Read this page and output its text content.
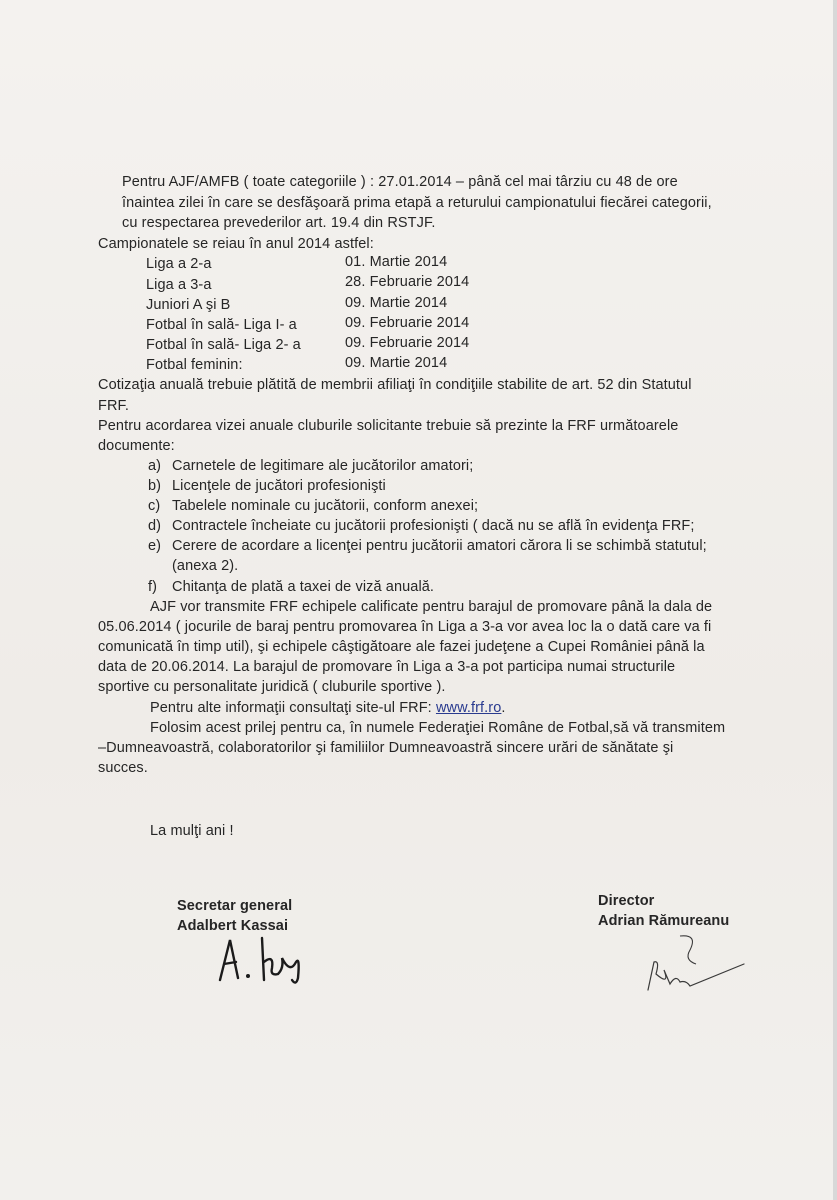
Pentru AJF/AMFB ( toate categoriile ) : 27.01.2014 – până cel mai târziu cu 48 de ore
înaintea zilei în care se desfăşoară prima etapă a returului campionatului fiecărei categorii,
cu respectarea prevederilor art. 19.4 din RSTJF.
Campionatele se reiau în anul 2014 astfel:
Liga a 2-a	01. Martie 2014
Liga a 3-a	28. Februarie 2014
Juniori A şi B	09. Martie 2014
Fotbal în sală- Liga I- a	09. Februarie 2014
Fotbal în sală- Liga 2- a	09. Februarie 2014
Fotbal feminin:	09. Martie 2014
Cotizaţia anuală trebuie plătită de membrii afiliaţi în condiţiile stabilite de art. 52 din Statutul
FRF.
Pentru acordarea vizei anuale cluburile solicitante trebuie să prezinte la FRF următoarele
documente:
a) Carnetele de legitimare ale jucătorilor amatori;
b) Licenţele de jucători profesionişti
c) Tabelele nominale cu jucătorii, conform anexei;
d) Contractele încheiate cu jucătorii profesionişti ( dacă nu se află în evidenţa FRF;
e) Cerere de acordare a licenţei pentru jucătorii amatori cărora li se schimbă statutul;
(anexa 2).
f) Chitanţa de plată a taxei de viză anuală.
AJF vor transmite FRF echipele calificate pentru barajul de promovare până la dala de
05.06.2014 ( jocurile de baraj pentru promovarea în Liga a 3-a vor avea loc la o dată care va fi
comunicată în timp util), şi echipele câştigătoare ale fazei judeţene a Cupei României până la
data de 20.06.2014. La barajul de promovare în Liga a 3-a pot participa numai structurile
sportive cu personalitate juridică ( cluburile sportive ).
Pentru alte informaţii consultaţi site-ul FRF: www.frf.ro.
Folosim acest prilej pentru ca, în numele Federaţiei Române de Fotbal,să vă transmitem
–Dumneavoastră, colaboratorilor şi familiilor Dumneavoastră sincere urări de sănătate şi
succes.
La mulţi ani !
Secretar general
Adalbert Kassai
Director
Adrian Rămureanu
